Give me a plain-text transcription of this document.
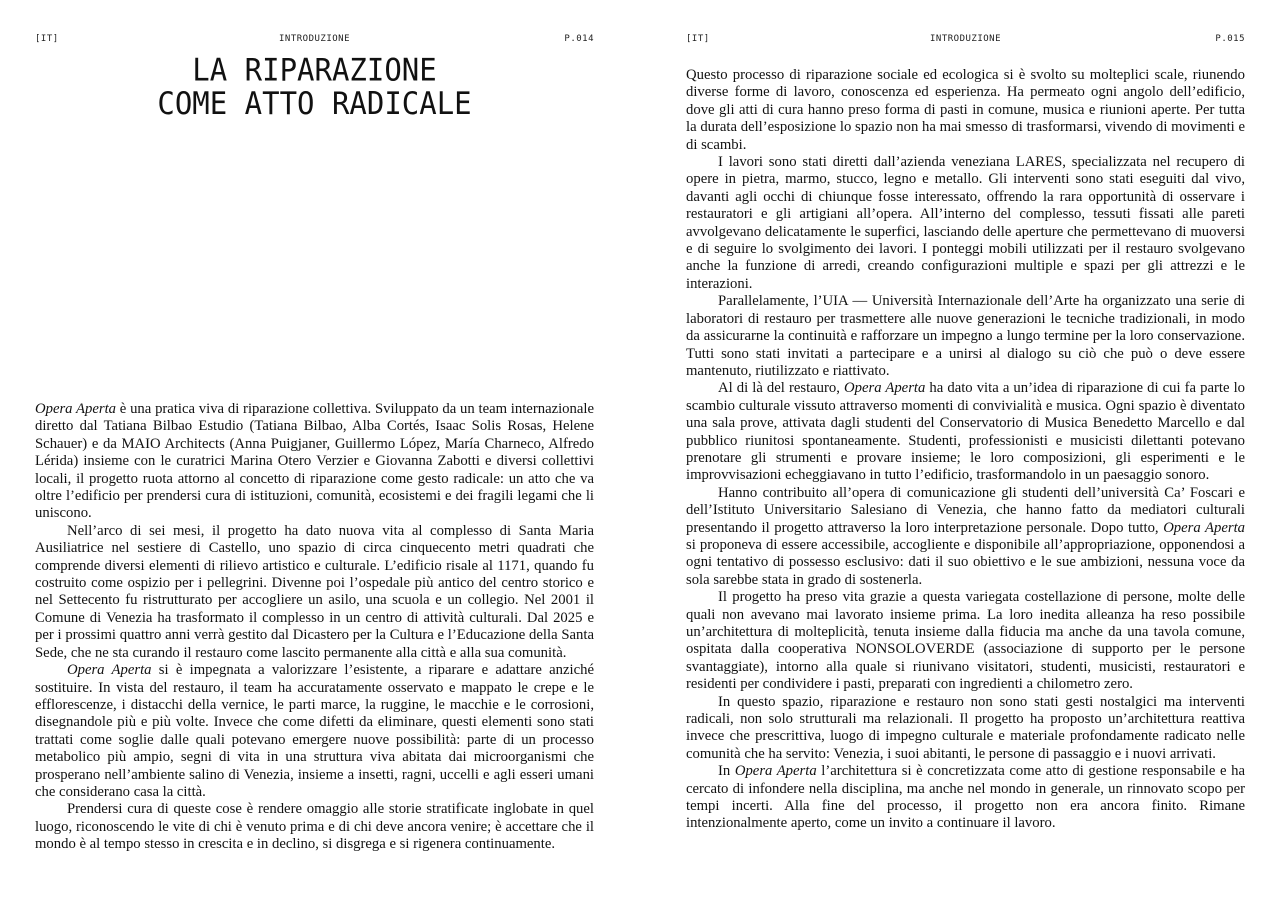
[IT]	INTRODUZIONE	P.014
LA RIPARAZIONE
COME ATTO RADICALE

Opera Aperta è una pratica viva di riparazione collettiva. Sviluppato da un team internazionale diretto dal Tatiana Bilbao Estudio (Tatiana Bilbao, Alba Cortés, Isaac Solis Rosas, Helene Schauer) e da MAIO Architects (Anna Puigjaner, Guillermo López, María Charneco, Alfredo Lérida) insieme con le curatrici Marina Otero Verzier e Giovanna Zabotti e diversi collettivi locali, il progetto ruota attorno al concetto di riparazione come gesto radicale: un atto che va oltre l’edificio per prendersi cura di istituzioni, comunità, ecosistemi e dei fragili legami che li uniscono.

Nell’arco di sei mesi, il progetto ha dato nuova vita al complesso di Santa Maria Ausiliatrice nel sestiere di Castello, uno spazio di circa cinquecento metri quadrati che comprende diversi elementi di rilievo artistico e culturale. L’edificio risale al 1171, quando fu costruito come ospizio per i pellegrini. Divenne poi l’ospedale più antico del centro storico e nel Settecento fu ristrutturato per accogliere un asilo, una scuola e un collegio. Nel 2001 il Comune di Venezia ha trasformato il complesso in un centro di attività culturali. Dal 2025 e per i prossimi quattro anni verrà gestito dal Dicastero per la Cultura e l’Educazione della Santa Sede, che ne sta curando il restauro come lascito permanente alla città e alla sua comunità.

Opera Aperta si è impegnata a valorizzare l’esistente, a riparare e adattare anziché sostituire. In vista del restauro, il team ha accuratamente osservato e mappato le crepe e le efflorescenze, i distacchi della vernice, le parti marce, la ruggine, le macchie e le corrosioni, disegnandole più e più volte. Invece che come difetti da eliminare, questi elementi sono stati trattati come soglie dalle quali potevano emergere nuove possibilità: parte di un processo metabolico più ampio, segni di vita in una struttura viva abitata dai microorganismi che prosperano nell’ambiente salino di Venezia, insieme a insetti, ragni, uccelli e agli esseri umani che considerano casa la città.

Prendersi cura di queste cose è rendere omaggio alle storie stratificate inglobate in quel luogo, riconoscendo le vite di chi è venuto prima e di chi deve ancora venire; è accettare che il mondo è al tempo stesso in crescita e in declino, si disgrega e si rigenera continuamente.

[IT]	INTRODUZIONE	P.015

Questo processo di riparazione sociale ed ecologica si è svolto su molteplici scale, riunendo diverse forme di lavoro, conoscenza ed esperienza. Ha permeato ogni angolo dell’edificio, dove gli atti di cura hanno preso forma di pasti in comune, musica e riunioni aperte. Per tutta la durata dell’esposizione lo spazio non ha mai smesso di trasformarsi, vivendo di movimenti e di scambi.

I lavori sono stati diretti dall’azienda veneziana LARES, specializzata nel recupero di opere in pietra, marmo, stucco, legno e metallo. Gli interventi sono stati eseguiti dal vivo, davanti agli occhi di chiunque fosse interessato, offrendo la rara opportunità di osservare i restauratori e gli artigiani all’opera. All’interno del complesso, tessuti fissati alle pareti avvolgevano delicatamente le superfici, lasciando delle aperture che permettevano di muoversi e di seguire lo svolgimento dei lavori. I ponteggi mobili utilizzati per il restauro svolgevano anche la funzione di arredi, creando configurazioni multiple e spazi per gli attrezzi e le interazioni.

Parallelamente, l’UIA — Università Internazionale dell’Arte ha organizzato una serie di laboratori di restauro per trasmettere alle nuove generazioni le tecniche tradizionali, in modo da assicurarne la continuità e rafforzare un impegno a lungo termine per la loro conservazione. Tutti sono stati invitati a partecipare e a unirsi al dialogo su ciò che può o deve essere mantenuto, riutilizzato e riattivato.

Al di là del restauro, Opera Aperta ha dato vita a un’idea di riparazione di cui fa parte lo scambio culturale vissuto attraverso momenti di convivialità e musica. Ogni spazio è diventato una sala prove, attivata dagli studenti del Conservatorio di Musica Benedetto Marcello e dal pubblico riunitosi spontaneamente. Studenti, professionisti e musicisti dilettanti potevano prenotare gli strumenti e provare insieme; le loro composizioni, gli esperimenti e le improvvisazioni echeggiavano in tutto l’edificio, trasformandolo in un paesaggio sonoro.

Hanno contribuito all’opera di comunicazione gli studenti dell’università Ca’ Foscari e dell’Istituto Universitario Salesiano di Venezia, che hanno fatto da mediatori culturali presentando il progetto attraverso la loro interpretazione personale. Dopo tutto, Opera Aperta si proponeva di essere accessibile, accogliente e disponibile all’appropriazione, opponendosi a ogni tentativo di possesso esclusivo: dati il suo obiettivo e le sue ambizioni, nessuna voce da sola sarebbe stata in grado di sostenerla.

Il progetto ha preso vita grazie a questa variegata costellazione di persone, molte delle quali non avevano mai lavorato insieme prima. La loro inedita alleanza ha reso possibile un’architettura di molteplicità, tenuta insieme dalla fiducia ma anche da una tavola comune, ospitata dalla cooperativa NONSOLOVERDE (associazione di supporto per le persone svantaggiate), intorno alla quale si riunivano visitatori, studenti, musicisti, restauratori e residenti per condividere i pasti, preparati con ingredienti a chilometro zero.

In questo spazio, riparazione e restauro non sono stati gesti nostalgici ma interventi radicali, non solo strutturali ma relazionali. Il progetto ha proposto un’architettura reattiva invece che prescrittiva, luogo di impegno culturale e materiale profondamente radicato nelle comunità che ha servito: Venezia, i suoi abitanti, le persone di passaggio e i nuovi arrivati.

In Opera Aperta l’architettura si è concretizzata come atto di gestione responsabile e ha cercato di infondere nella disciplina, ma anche nel mondo in generale, un rinnovato scopo per tempi incerti. Alla fine del processo, il progetto non era ancora finito. Rimane intenzionalmente aperto, come un invito a continuare il lavoro.
